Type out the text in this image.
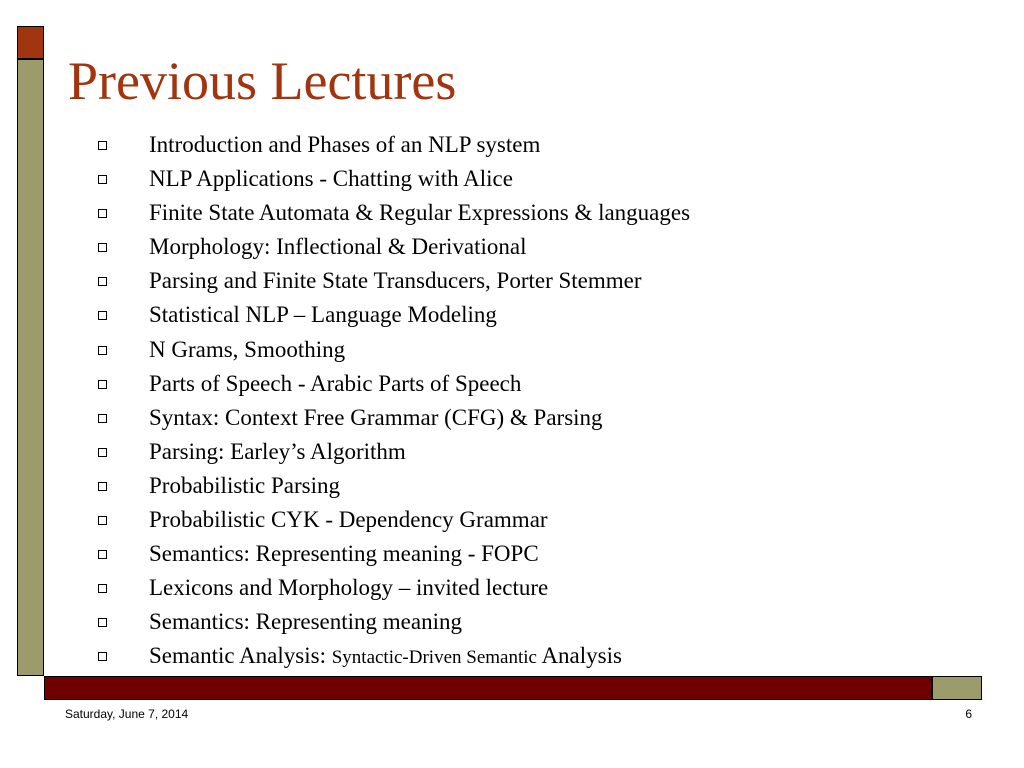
Previous Lectures
Introduction and Phases of an NLP system
NLP Applications - Chatting with Alice
Finite State Automata & Regular Expressions & languages
Morphology: Inflectional & Derivational
Parsing and Finite State Transducers, Porter Stemmer
Statistical NLP – Language Modeling
N Grams, Smoothing
Parts of Speech - Arabic Parts of Speech
Syntax: Context Free Grammar (CFG) & Parsing
Parsing: Earley’s Algorithm
Probabilistic Parsing
Probabilistic CYK - Dependency Grammar
Semantics: Representing meaning - FOPC
Lexicons and Morphology – invited lecture
Semantics: Representing meaning
Semantic Analysis: Syntactic-Driven Semantic Analysis
Saturday, June 7, 2014	6
